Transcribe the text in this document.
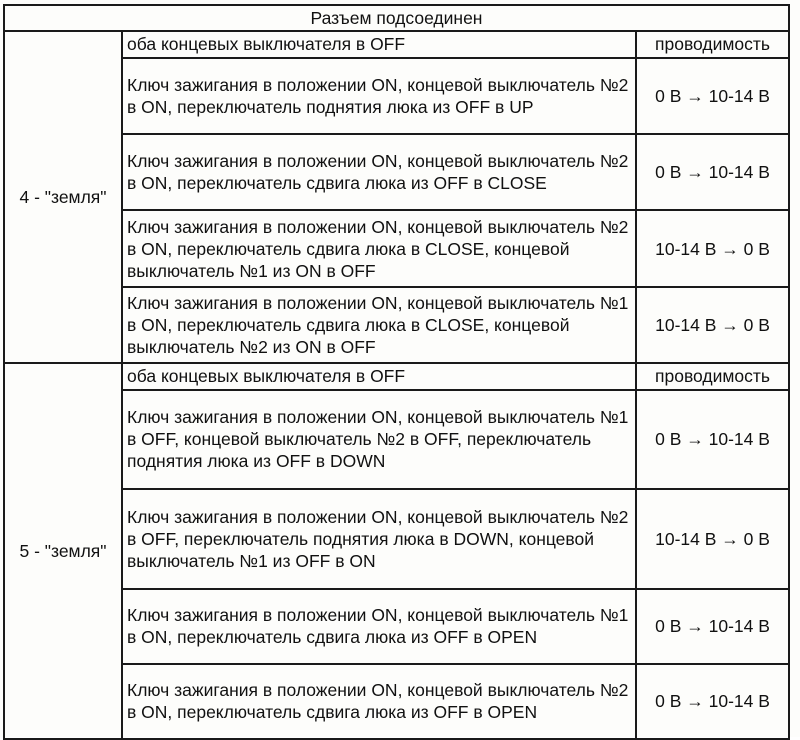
Разъем подсоединен		
4 - "земля"	оба концевых выключателя в OFF	проводимость
	Ключ зажигания в положении ON, концевой выключатель №2 в ON, переключатель поднятия люка из OFF в UP	0 В → 10-14 В
	Ключ зажигания в положении ON, концевой выключатель №2 в ON, переключатель сдвига люка из OFF в CLOSE	0 В → 10-14 В
	Ключ зажигания в положении ON, концевой выключатель №2 в ON, переключатель сдвига люка в CLOSE, концевой выключатель №1 из ON в OFF	10-14 В → 0 В
	Ключ зажигания в положении ON, концевой выключатель №1 в ON, переключатель сдвига люка в CLOSE, концевой выключатель №2 из ON в OFF	10-14 В → 0 В
5 - "земля"	оба концевых выключателя в OFF	проводимость
	Ключ зажигания в положении ON, концевой выключатель №1 в OFF, концевой выключатель №2 в OFF, переключатель поднятия люка из OFF в DOWN	0 В → 10-14 В
	Ключ зажигания в положении ON, концевой выключатель №2 в OFF, переключатель поднятия люка в DOWN, концевой выключатель №1 из OFF в ON	10-14 В → 0 В
	Ключ зажигания в положении ON, концевой выключатель №1 в ON, переключатель сдвига люка из OFF в OPEN	0 В → 10-14 В
	Ключ зажигания в положении ON, концевой выключатель №2 в ON, переключатель сдвига люка из OFF в OPEN	0 В → 10-14 В
